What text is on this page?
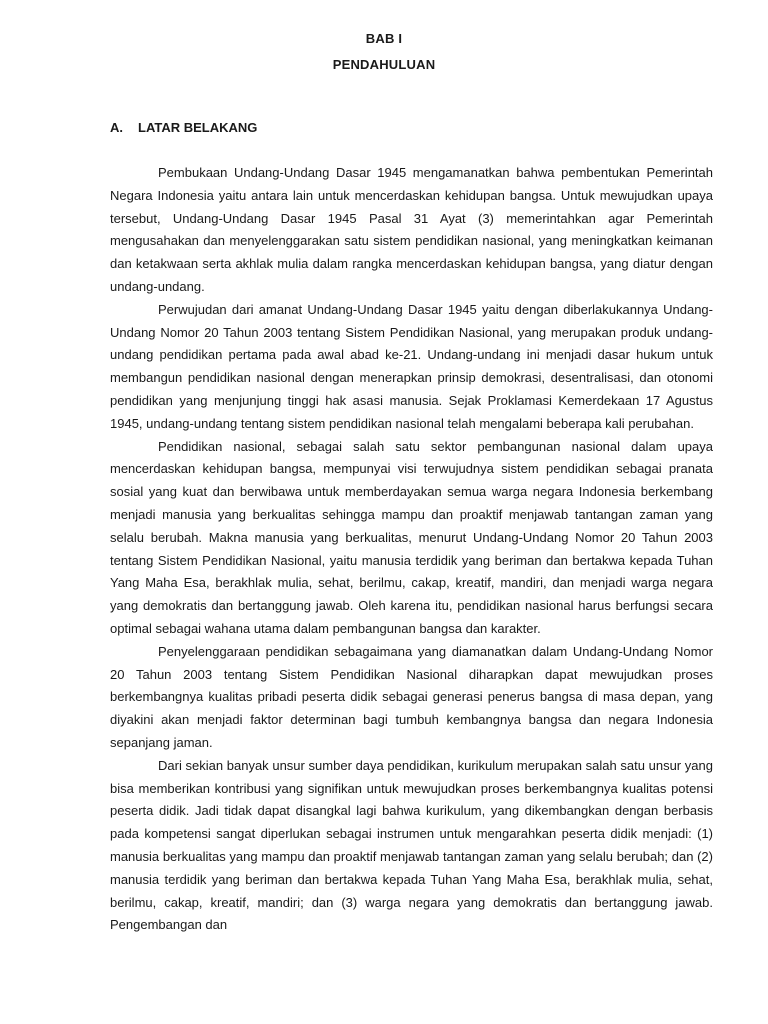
BAB I
PENDAHULUAN
A. LATAR BELAKANG

Pembukaan Undang-Undang Dasar 1945 mengamanatkan bahwa pembentukan Pemerintah Negara Indonesia yaitu antara lain untuk mencerdaskan kehidupan bangsa. Untuk mewujudkan upaya tersebut, Undang-Undang Dasar 1945 Pasal 31 Ayat (3) memerintahkan agar Pemerintah mengusahakan dan menyelenggarakan satu sistem pendidikan nasional, yang meningkatkan keimanan dan ketakwaan serta akhlak mulia dalam rangka mencerdaskan kehidupan bangsa, yang diatur dengan undang-undang.

Perwujudan dari amanat Undang-Undang Dasar 1945 yaitu dengan diberlakukannya Undang-Undang Nomor 20 Tahun 2003 tentang Sistem Pendidikan Nasional, yang merupakan produk undang-undang pendidikan pertama pada awal abad ke-21. Undang-undang ini menjadi dasar hukum untuk membangun pendidikan nasional dengan menerapkan prinsip demokrasi, desentralisasi, dan otonomi pendidikan yang menjunjung tinggi hak asasi manusia. Sejak Proklamasi Kemerdekaan 17 Agustus 1945, undang-undang tentang sistem pendidikan nasional telah mengalami beberapa kali perubahan.

Pendidikan nasional, sebagai salah satu sektor pembangunan nasional dalam upaya mencerdaskan kehidupan bangsa, mempunyai visi terwujudnya sistem pendidikan sebagai pranata sosial yang kuat dan berwibawa untuk memberdayakan semua warga negara Indonesia berkembang menjadi manusia yang berkualitas sehingga mampu dan proaktif menjawab tantangan zaman yang selalu berubah. Makna manusia yang berkualitas, menurut Undang-Undang Nomor 20 Tahun 2003 tentang Sistem Pendidikan Nasional, yaitu manusia terdidik yang beriman dan bertakwa kepada Tuhan Yang Maha Esa, berakhlak mulia, sehat, berilmu, cakap, kreatif, mandiri, dan menjadi warga negara yang demokratis dan bertanggung jawab. Oleh karena itu, pendidikan nasional harus berfungsi secara optimal sebagai wahana utama dalam pembangunan bangsa dan karakter.

Penyelenggaraan pendidikan sebagaimana yang diamanatkan dalam Undang-Undang Nomor 20 Tahun 2003 tentang Sistem Pendidikan Nasional diharapkan dapat mewujudkan proses berkembangnya kualitas pribadi peserta didik sebagai generasi penerus bangsa di masa depan, yang diyakini akan menjadi faktor determinan bagi tumbuh kembangnya bangsa dan negara Indonesia sepanjang jaman.

Dari sekian banyak unsur sumber daya pendidikan, kurikulum merupakan salah satu unsur yang bisa memberikan kontribusi yang signifikan untuk mewujudkan proses berkembangnya kualitas potensi peserta didik. Jadi tidak dapat disangkal lagi bahwa kurikulum, yang dikembangkan dengan berbasis pada kompetensi sangat diperlukan sebagai instrumen untuk mengarahkan peserta didik menjadi: (1) manusia berkualitas yang mampu dan proaktif menjawab tantangan zaman yang selalu berubah; dan (2) manusia terdidik yang beriman dan bertakwa kepada Tuhan Yang Maha Esa, berakhlak mulia, sehat, berilmu, cakap, kreatif, mandiri; dan (3) warga negara yang demokratis dan bertanggung jawab. Pengembangan dan
